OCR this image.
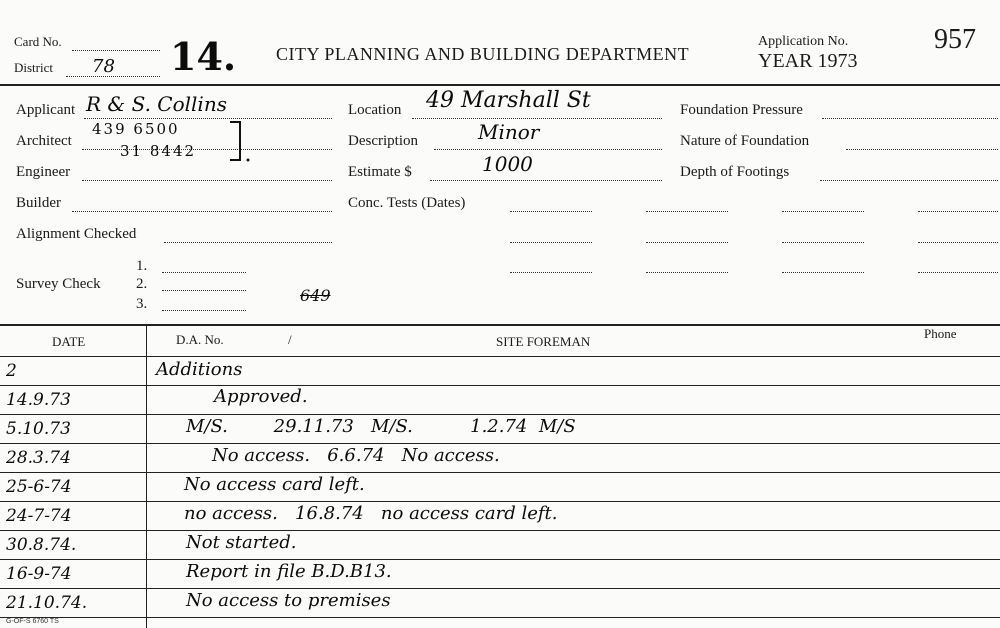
Card No.
District 78 14. CITY PLANNING AND BUILDING DEPARTMENT
Application No.
YEAR 1973
957
Applicant R & S. Collins
Architect
439 6500
31 8442
Engineer
Builder
Alignment Checked
Survey Check
1.
2.
3.	649
Location 49 Marshall St
Description	Minor
Estimate $	1000
Conc. Tests (Dates)
Foundation Pressure
Nature of Foundation
Depth of Footings
DATE	D.A. No.	/	SITE FOREMAN
Phone
2	Additions
14.9.73	Approved.
5.10.73	M/S.        29.11.73   M/S.          1.2.74  M/S
28.3.74	No access.   6.6.74   No access.
25-6-74	No access card left.
24-7-74	no access.   16.8.74   no access card left.
30.8.74.	Not started.
16-9-74	Report in file B.D.B13.
21.10.74.	No access to premises
G-OF-S 6760 TS
